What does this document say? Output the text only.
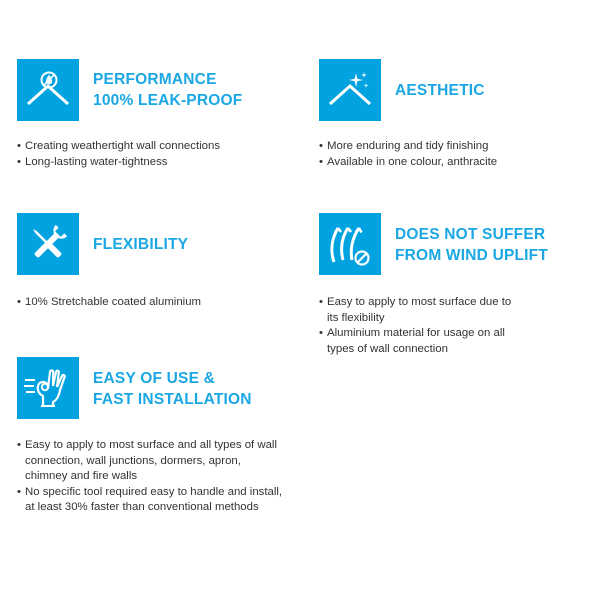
PERFORMANCE
100% LEAK-PROOF
• Creating weathertight wall connections
• Long-lasting water-tightness
AESTHETIC
• More enduring and tidy finishing
• Available in one colour, anthracite
FLEXIBILITY
• 10% Stretchable coated aluminium
DOES NOT SUFFER
FROM WIND UPLIFT
• Easy to apply to most surface due to its flexibility
• Aluminium material for usage on all types of wall connection
EASY OF USE &
FAST INSTALLATION
• Easy to apply to most surface and all types of wall connection, wall junctions, dormers, apron, chimney and fire walls
• No specific tool required easy to handle and install, at least 30% faster than conventional methods
